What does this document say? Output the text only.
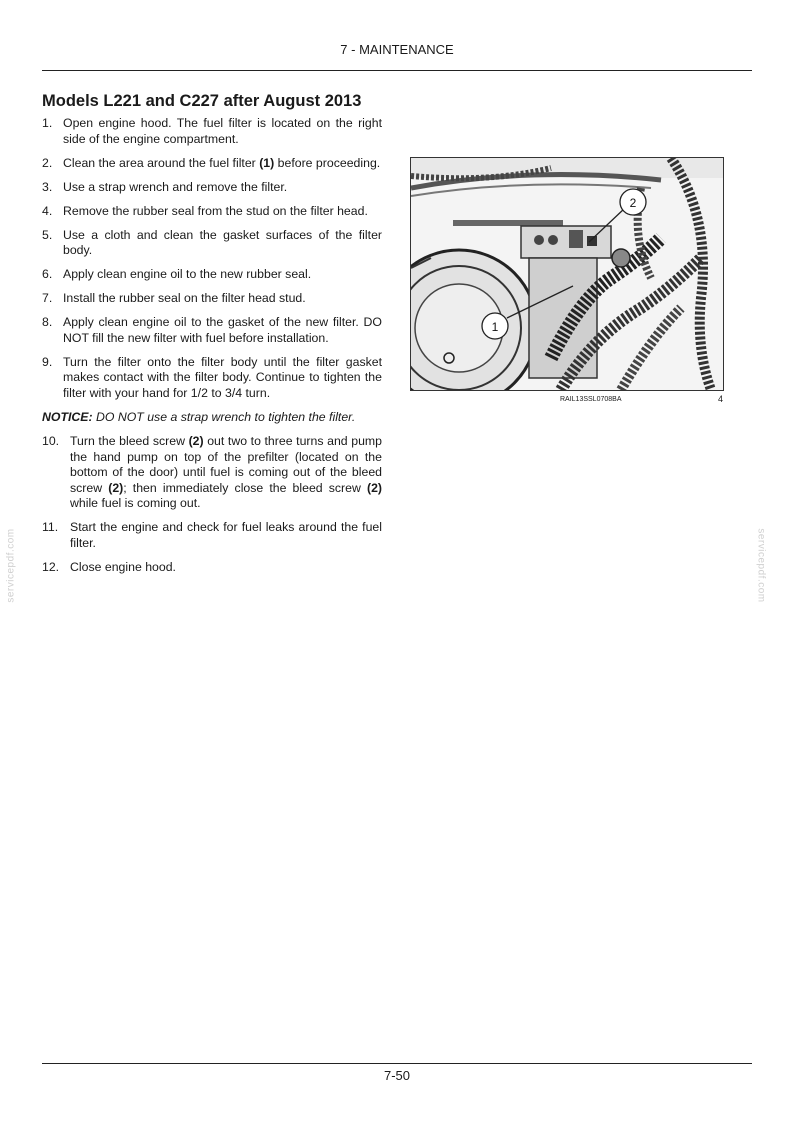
7 - MAINTENANCE
Models L221 and C227 after August 2013
1. Open engine hood. The fuel filter is located on the right side of the engine compartment.
2. Clean the area around the fuel filter (1) before proceeding.
3. Use a strap wrench and remove the filter.
4. Remove the rubber seal from the stud on the filter head.
5. Use a cloth and clean the gasket surfaces of the filter body.
6. Apply clean engine oil to the new rubber seal.
7. Install the rubber seal on the filter head stud.
8. Apply clean engine oil to the gasket of the new filter. DO NOT fill the new filter with fuel before installation.
9. Turn the filter onto the filter body until the filter gasket makes contact with the filter body. Continue to tighten the filter with your hand for 1/2 to 3/4 turn.
NOTICE: DO NOT use a strap wrench to tighten the filter.
10. Turn the bleed screw (2) out two to three turns and pump the hand pump on top of the prefilter (located on the bottom of the door) until fuel is coming out of the bleed screw (2); then immediately close the bleed screw (2) while fuel is coming out.
11. Start the engine and check for fuel leaks around the fuel filter.
12. Close engine hood.
1
2
RAIL13SSL0708BA	4
servicepdf.com	servicepdf.com
7-50
